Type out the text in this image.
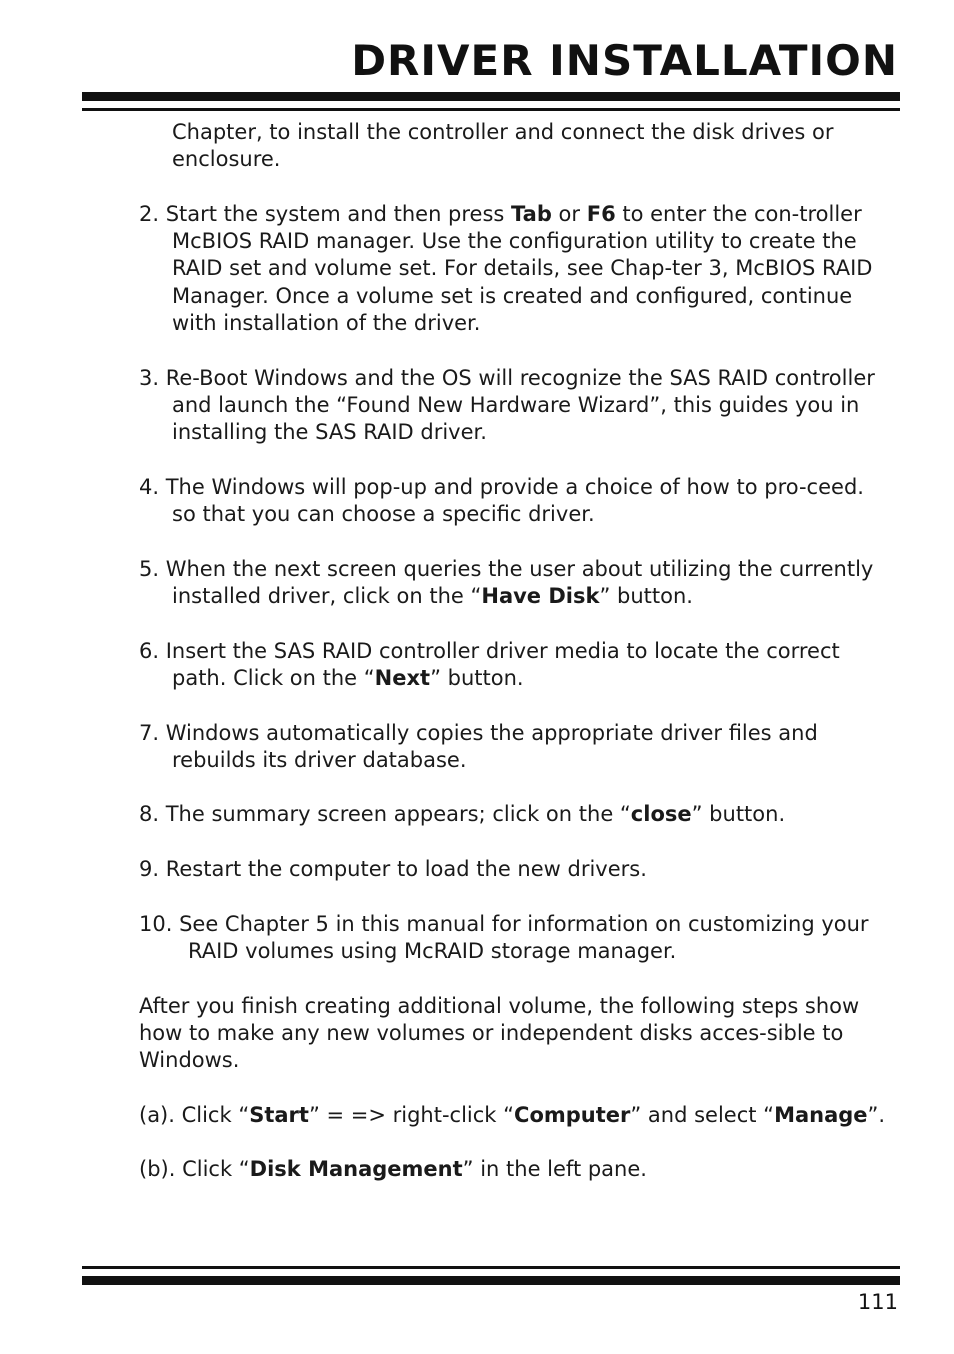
DRIVER INSTALLATION

Chapter, to install the controller and connect the disk drives or enclosure.

2. Start the system and then press Tab or F6 to enter the con-troller McBIOS RAID manager. Use the configuration utility to create the RAID set and volume set. For details, see Chap-ter 3, McBIOS RAID Manager. Once a volume set is created and configured, continue with installation of the driver.

3. Re-Boot Windows and the OS will recognize the SAS RAID controller and launch the “Found New Hardware Wizard”, this guides you in installing the SAS RAID driver.

4. The Windows will pop-up and provide a choice of how to pro-ceed. so that you can choose a specific driver.

5. When the next screen queries the user about utilizing the currently installed driver, click on the “Have Disk” button.

6. Insert the SAS RAID controller driver media to locate the correct path. Click on the “Next” button.

7. Windows automatically copies the appropriate driver files and rebuilds its driver database.

8. The summary screen appears; click on the “close” button.

9. Restart the computer to load the new drivers.

10. See Chapter 5 in this manual for information on customizing your RAID volumes using McRAID storage manager.

After you finish creating additional volume, the following steps show how to make any new volumes or independent disks acces-sible to Windows.

(a). Click “Start” = => right-click “Computer” and select “Manage”.

(b). Click “Disk Management” in the left pane.

111
